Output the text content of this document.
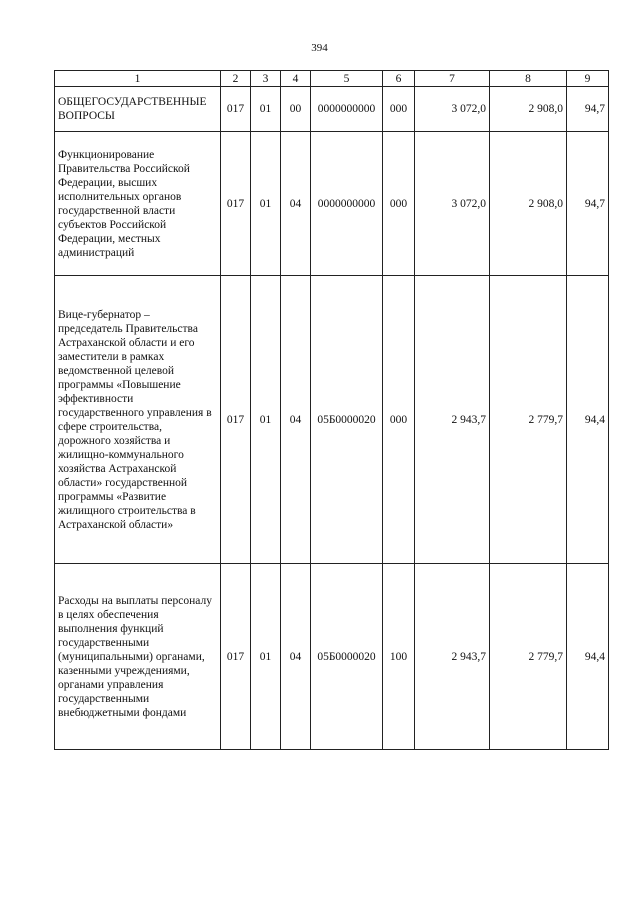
394
1	2	3	4	5	6	7	8	9

ОБЩЕГОСУДАРСТВЕННЫЕ ВОПРОСЫ	017	01	00	0000000000	000	3 072,0	2 908,0	94,7

Функционирование Правительства Российской Федерации, высших исполнительных органов государственной власти субъектов Российской Федерации, местных администраций	017	01	04	0000000000	000	3 072,0	2 908,0	94,7

Вице-губернатор – председатель Правительства Астраханской области и его заместители в рамках ведомственной целевой программы «Повышение эффективности государственного управления в сфере строительства, дорожного хозяйства и жилищно-коммунального хозяйства Астраханской области» государственной программы «Развитие жилищного строительства в Астраханской области»	017	01	04	05Б0000020	000	2 943,7	2 779,7	94,4

Расходы на выплаты персоналу в целях обеспечения выполнения функций государственными (муниципальными) органами, казенными учреждениями, органами управления государственными внебюджетными фондами	017	01	04	05Б0000020	100	2 943,7	2 779,7	94,4
